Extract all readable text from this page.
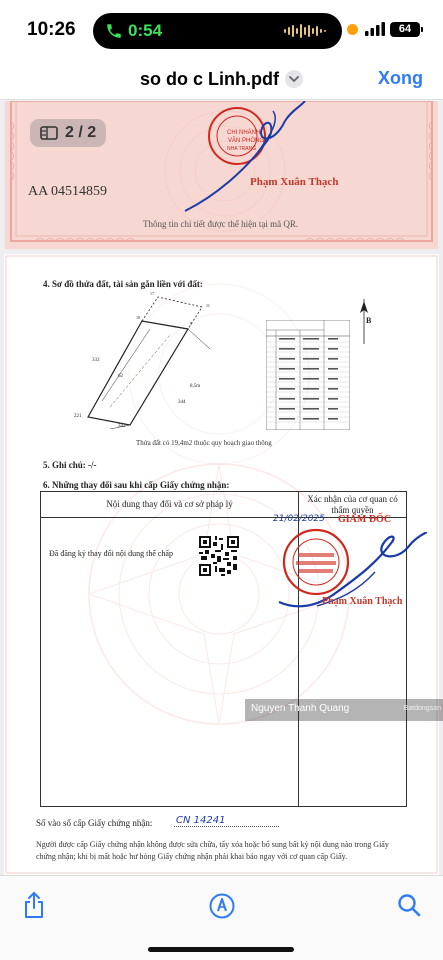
10:26	0:54	64
so do c Linh.pdf	Xong
CHI NHÁNH
VĂN PHÒNG
NHA TRANG
2 / 2
AA 04514859
Phạm Xuân Thạch
Thông tin chi tiết được thể hiện tại mã QR.
4. Sơ đồ thửa đất, tài sản gắn liền với đất:
62
333
221
344
343
8,5m
18
9
17
11
B
Thửa đất có 19,4m2 thuộc quy hoạch giao thông
5. Ghi chú: -/-
6. Những thay đổi sau khi cấp Giấy chứng nhận:
Nội dung thay đổi và cơ sở pháp lý	Xác nhận của cơ quan có thẩm quyền
Đã đăng ký thay đổi nội dung thế chấp
21/02/2025 GIÁM ĐỐC
Phạm Xuân Thạch
Số vào sổ cấp Giấy chứng nhận: CN 14241
Người được cấp Giấy chứng nhận không được sửa chữa, tẩy xóa hoặc bổ sung bất kỳ nội dung nào trong Giấy chứng nhận; khi bị mất hoặc hư hỏng Giấy chứng nhận phải khai báo ngay với cơ quan cấp Giấy.
Nguyen Thanh Quang	Batdongsan
